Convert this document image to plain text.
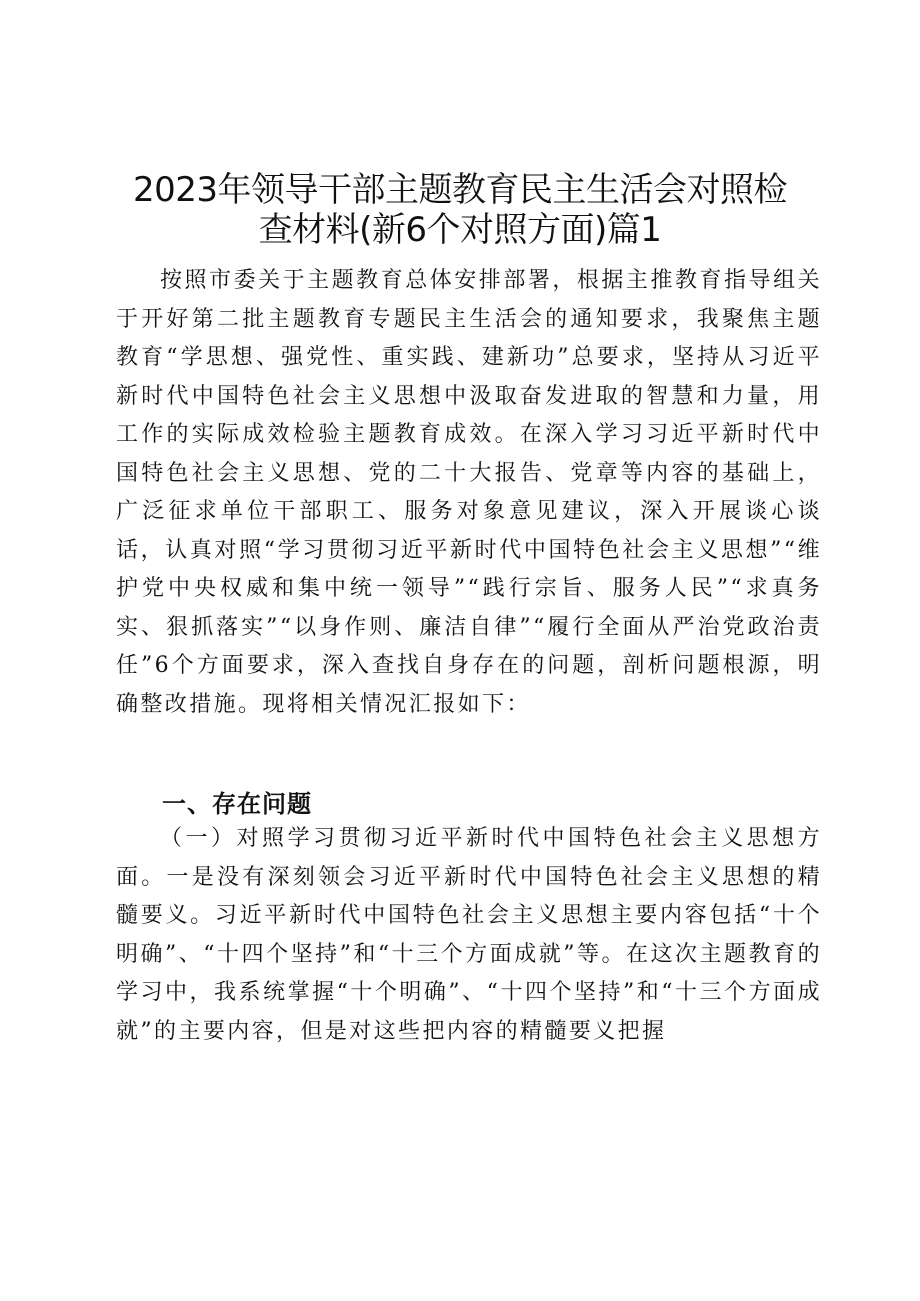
2023年领导干部主题教育民主生活会对照检
查材料(新6个对照方面)篇1

按照市委关于主题教育总体安排部署，根据主推教育指导组关于开好第二批主题教育专题民主生活会的通知要求，我聚焦主题教育“学思想、强党性、重实践、建新功”总要求，坚持从习近平新时代中国特色社会主义思想中汲取奋发进取的智慧和力量，用工作的实际成效检验主题教育成效。在深入学习习近平新时代中国特色社会主义思想、党的二十大报告、党章等内容的基础上，广泛征求单位干部职工、服务对象意见建议，深入开展谈心谈话，认真对照“学习贯彻习近平新时代中国特色社会主义思想”“维护党中央权威和集中统一领导”“践行宗旨、服务人民”“求真务实、狠抓落实”“以身作则、廉洁自律”“履行全面从严治党政治责任”6个方面要求，深入查找自身存在的问题，剖析问题根源，明确整改措施。现将相关情况汇报如下：

一、存在问题

（一）对照学习贯彻习近平新时代中国特色社会主义思想方面。一是没有深刻领会习近平新时代中国特色社会主义思想的精髓要义。习近平新时代中国特色社会主义思想主要内容包括“十个明确”、“十四个坚持”和“十三个方面成就”等。在这次主题教育的学习中，我系统掌握“十个明确”、“十四个坚持”和“十三个方面成就”的主要内容，但是对这些把内容的精髓要义把握
